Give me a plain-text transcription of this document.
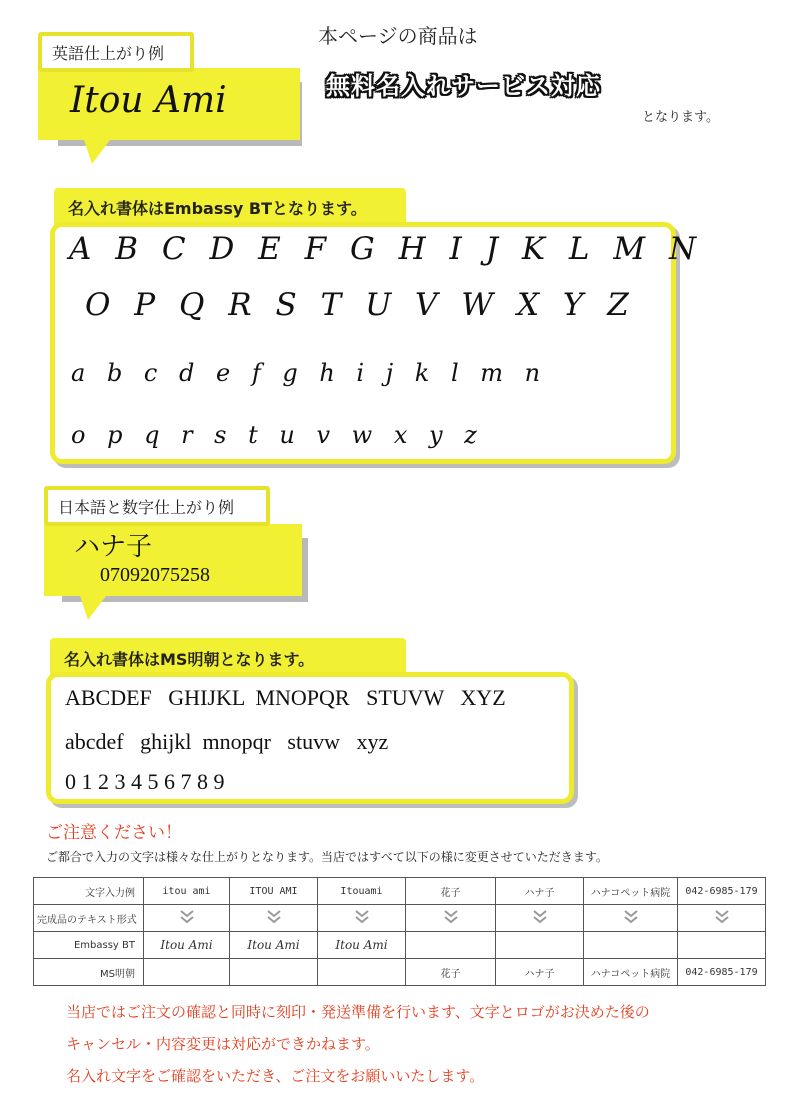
本ページの商品は
無料名入れサービス対応
となります。
英語仕上がり例
Itou Ami
名入れ書体はEmbassy BTとなります。
A B C D E F G H I J K L M N
O P Q R S T U V W X Y Z
a b c d e f g h i j k l m n
o p q r s t u v w x y z
日本語と数字仕上がり例
ハナ子
07092075258
名入れ書体はMS明朝となります。
ABCDEF   GHIJKL  MNOPQR   STUVW   XYZ
abcdef   ghijkl  mnopqr   stuvw   xyz
0 1 2 3 4 5 6 7 8 9
ご注意ください！
ご都合で入力の文字は様々な仕上がりとなります。当店ではすべて以下の様に変更させていただきます。
文字入力例	itou ami	ITOU AMI	Itouami	花子	ハナ子	ハナコペット病院	042-6985-179
完成品のテキスト形式							
Embassy BT	Itou Ami	Itou Ami	Itou Ami				
MS明朝				花子	ハナ子	ハナコペット病院	042-6985-179
当店ではご注文の確認と同時に刻印・発送準備を行います、文字とロゴがお決めた後の
キャンセル・内容変更は対応ができかねます。
名入れ文字をご確認をいただき、ご注文をお願いいたします。
